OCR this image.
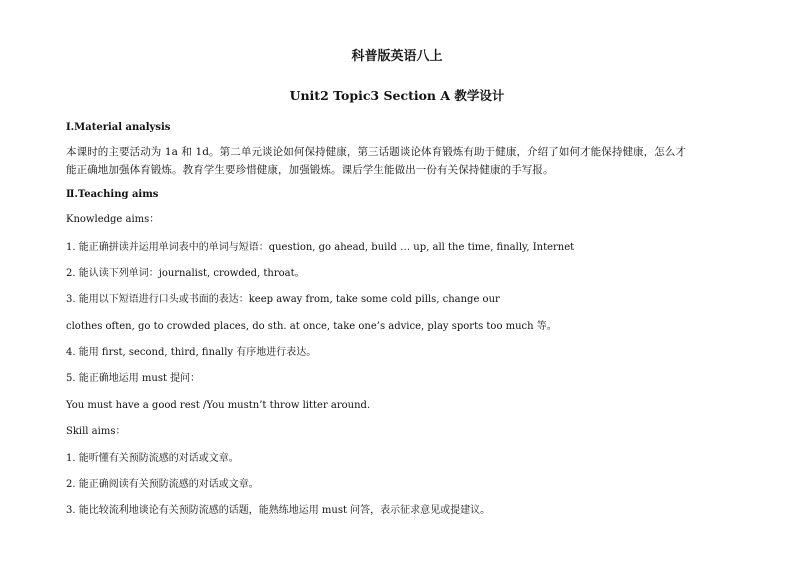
科普版英语八上
Unit2 Topic3 Section A 教学设计
Ⅰ.Material analysis
本课时的主要活动为 1a 和 1d。第二单元谈论如何保持健康，第三话题谈论体育锻炼有助于健康，介绍了如何才能保持健康，怎么才
能正确地加强体育锻炼。教育学生要珍惜健康，加强锻炼。课后学生能做出一份有关保持健康的手写报。
Ⅱ.Teaching aims
Knowledge aims：
1. 能正确拼读并运用单词表中的单词与短语：question, go ahead, build … up, all the time, finally, Internet
2. 能认读下列单词：journalist, crowded, throat。
3. 能用以下短语进行口头或书面的表达：keep away from, take some cold pills, change our
clothes often, go to crowded places, do sth. at once, take one’s advice, play sports too much 等。
4. 能用 first, second, third, finally 有序地进行表达。
5. 能正确地运用 must 提问：
You must have a good rest /You mustn’t throw litter around.
Skill aims：
1. 能听懂有关预防流感的对话或文章。
2. 能正确阅读有关预防流感的对话或文章。
3. 能比较流利地谈论有关预防流感的话题，能熟练地运用 must 问答，表示征求意见或提建议。
